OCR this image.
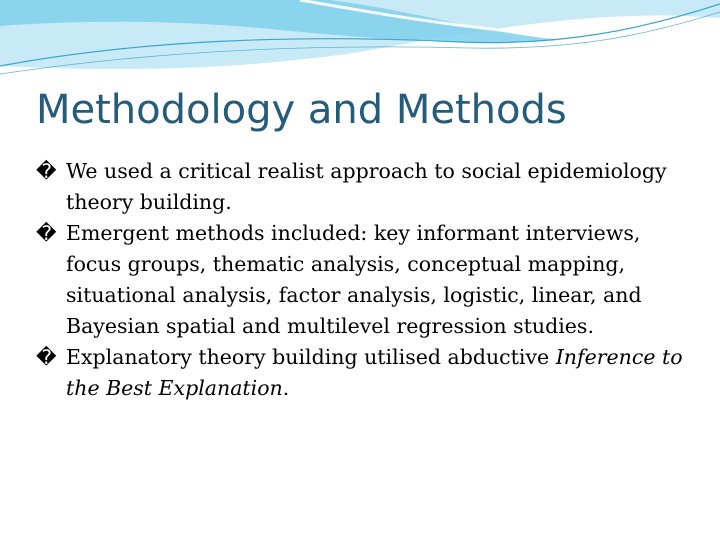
Methodology and Methods
� We used a critical realist approach to social epidemiology theory building.
� Emergent methods included: key informant interviews, focus groups, thematic analysis, conceptual mapping, situational analysis, factor analysis, logistic, linear, and Bayesian spatial and multilevel regression studies.
� Explanatory theory building utilised abductive Inference to the Best Explanation.
